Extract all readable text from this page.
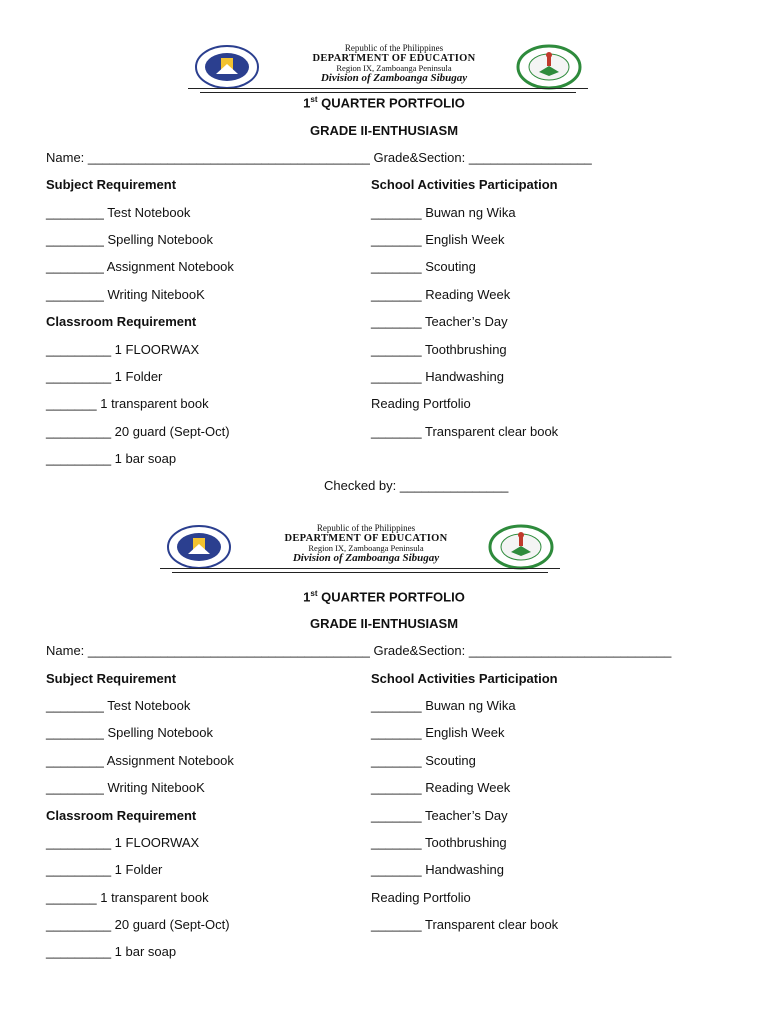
Republic of the Philippines
DEPARTMENT OF EDUCATION
Region IX, Zamboanga Peninsula
Division of Zamboanga Sibugay
1st QUARTER PORTFOLIO
GRADE II-ENTHUSIASM
Name: _______________________________________ Grade&Section: _________________
Subject Requirement
________ Test Notebook
________ Spelling Notebook
________ Assignment Notebook
________ Writing NitebooK
Classroom Requirement
_________ 1 FLOORWAX
_________ 1 Folder
_______ 1 transparent book
_________ 20 guard (Sept-Oct)
_________ 1 bar soap
School Activities Participation
_______ Buwan ng Wika
_______ English Week
_______ Scouting
_______ Reading Week
_______ Teacher’s Day
_______ Toothbrushing
_______ Handwashing
Reading Portfolio
_______ Transparent clear book
Checked by: _______________
Republic of the Philippines
DEPARTMENT OF EDUCATION
Region IX, Zamboanga Peninsula
Division of Zamboanga Sibugay
1st QUARTER PORTFOLIO
GRADE II-ENTHUSIASM
Name: _______________________________________ Grade&Section: ____________________________
Subject Requirement
________ Test Notebook
________ Spelling Notebook
________ Assignment Notebook
________ Writing NitebooK
Classroom Requirement
_________ 1 FLOORWAX
_________ 1 Folder
_______ 1 transparent book
_________ 20 guard (Sept-Oct)
_________ 1 bar soap
School Activities Participation
_______ Buwan ng Wika
_______ English Week
_______ Scouting
_______ Reading Week
_______ Teacher’s Day
_______ Toothbrushing
_______ Handwashing
Reading Portfolio
_______ Transparent clear book
